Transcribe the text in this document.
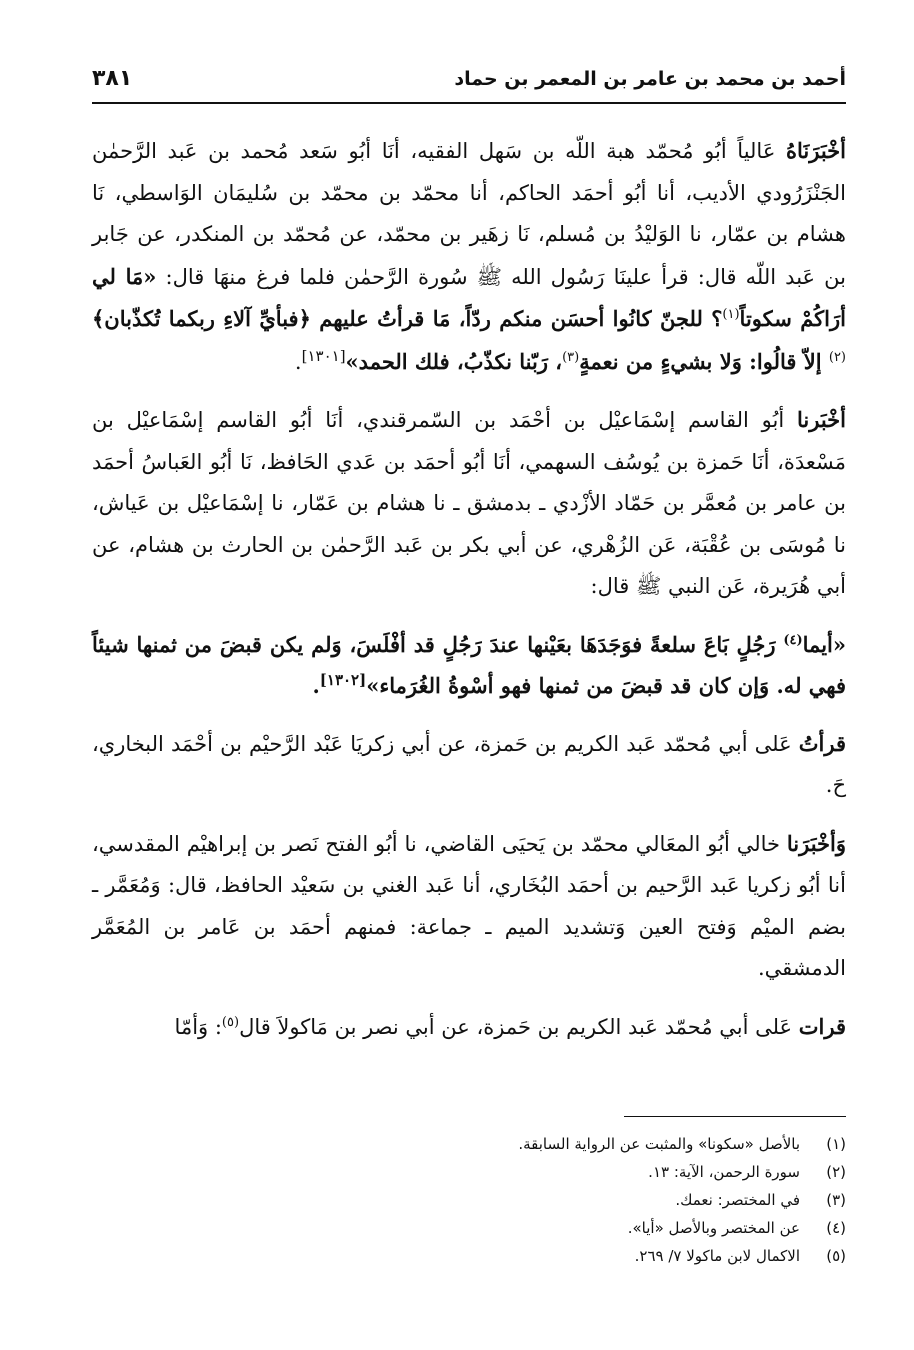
أحمد بن محمد بن عامر بن المعمر بن حماد
٣٨١

أخْبَرَنَاهُ عَالياً أبُو مُحمّد هبة اللّه بن سَهل الفقيه، أنَا أبُو سَعد مُحمد بن عَبد الرَّحمٰن الجَنْزَرُودي الأديب، أنا أبُو أحمَد الحاكم، أنا محمّد بن محمّد بن سُليمَان الوَاسطي، نَا هشام بن عمّار، نا الوَليْدُ بن مُسلم، نَا زهَير بن محمّد، عن مُحمّد بن المنكدر، عن جَابر بن عَبد اللّه قال: قرأ علينَا رَسُول الله ﷺ سُورة الرَّحمٰن فلما فرغ منهَا قال: «مَا لي أرَاكُمْ سكوتاً$^{(١)}$؟ للجنّ كانُوا أحسَن منكم ردّاً، مَا قرأتُ عليهم ﴿فبأيِّ آلاءِ ربكما تُكذّبان﴾$^{(٢)}$ إلاّ قالُوا: وَلا بشيءٍ من نعمةٍ$^{(٣)}$، رَبّنا نكذّبُ، فلك الحمد»[١٣٠١].

أخْبَرنا أبُو القاسم إسْمَاعيْل بن أحْمَد بن السّمرقندي، أنَا أبُو القاسم إسْمَاعيْل بن مَسْعدَة، أنَا حَمزة بن يُوسُف السهمي، أنَا أبُو أحمَد بن عَدي الحَافظ، نَا أبُو العَباسُ أحمَد بن عامر بن مُعمَّر بن حَمّاد الأزْدي ـ بدمشق ـ نا هشام بن عَمّار، نا إسْمَاعيْل بن عَياش، نا مُوسَى بن عُقْبَة، عَن الزُهْري، عن أبي بكر بن عَبد الرَّحمٰن بن الحارث بن هشام، عن أبي هُرَيرة، عَن النبي ﷺ قال:

«أيما$^{(٤)}$ رَجُلٍ بَاعَ سلعةً فوَجَدَهَا بعَيْنها عندَ رَجُلٍ قد أفْلَسَ، وَلم يكن قبضَ من ثمنها شيئاً فهي له. وَإن كان قد قبضَ من ثمنها فهو أسْوةُ الغُرَماء»[١٣٠٢].

قرأتُ عَلى أبي مُحمّد عَبد الكريم بن حَمزة، عن أبي زكريَا عَبْد الرَّحيْم بن أحْمَد البخاري، حَ.

وَأخْبَرَنا خالي أبُو المعَالي محمّد بن يَحيَى القاضي، نا أبُو الفتح نَصر بن إبراهيْم المقدسي، أنا أبُو زكريا عَبد الرَّحيم بن أحمَد البُخَاري، أنا عَبد الغني بن سَعيْد الحافظ، قال: وَمُعَمَّر ـ بضم الميْم وَفتح العين وَتشديد الميم ـ جماعة: فمنهم أحمَد بن عَامر بن المُعَمَّر الدمشقي.

قرات عَلى أبي مُحمّد عَبد الكريم بن حَمزة، عن أبي نصر بن مَاكولاَ قال$^{(٥)}$: وَأمّا

(١)
بالأصل «سكونا» والمثبت عن الرواية السابقة.
(٢)
سورة الرحمن، الآية: ١٣.
(٣)
في المختصر: نعمك.
(٤)
عن المختصر وبالأصل «أيا».
(٥)
الاكمال لابن ماكولا ٧/ ٢٦٩.
